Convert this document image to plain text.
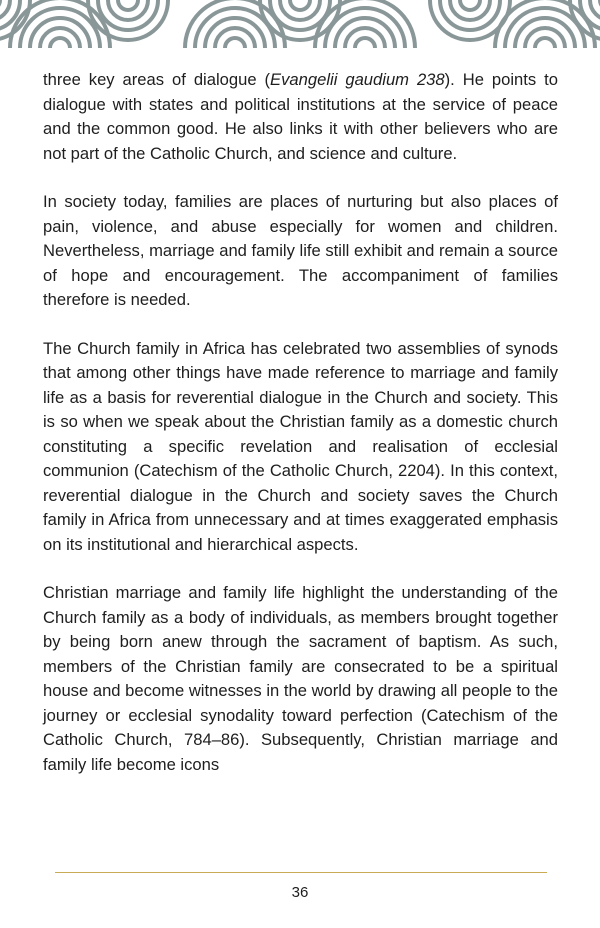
three key areas of dialogue (Evangelii gaudium 238). He points to dialogue with states and political institutions at the service of peace and the common good. He also links it with other believers who are not part of the Catholic Church, and science and culture.

In society today, families are places of nurturing but also places of pain, violence, and abuse especially for women and children. Nevertheless, marriage and family life still exhibit and remain a source of hope and encouragement. The accompaniment of families therefore is needed.

The Church family in Africa has celebrated two assemblies of synods that among other things have made reference to marriage and family life as a basis for reverential dialogue in the Church and society. This is so when we speak about the Christian family as a domestic church constituting a specific revelation and realisation of ecclesial communion (Catechism of the Catholic Church, 2204). In this context, reverential dialogue in the Church and society saves the Church family in Africa from unnecessary and at times exaggerated emphasis on its institutional and hierarchical aspects.

Christian marriage and family life highlight the understanding of the Church family as a body of individuals, as members brought together by being born anew through the sacrament of baptism. As such, members of the Christian family are consecrated to be a spiritual house and become witnesses in the world by drawing all people to the journey or ecclesial synodality toward perfection (Catechism of the Catholic Church, 784–86). Subsequently, Christian marriage and family life become icons

36
